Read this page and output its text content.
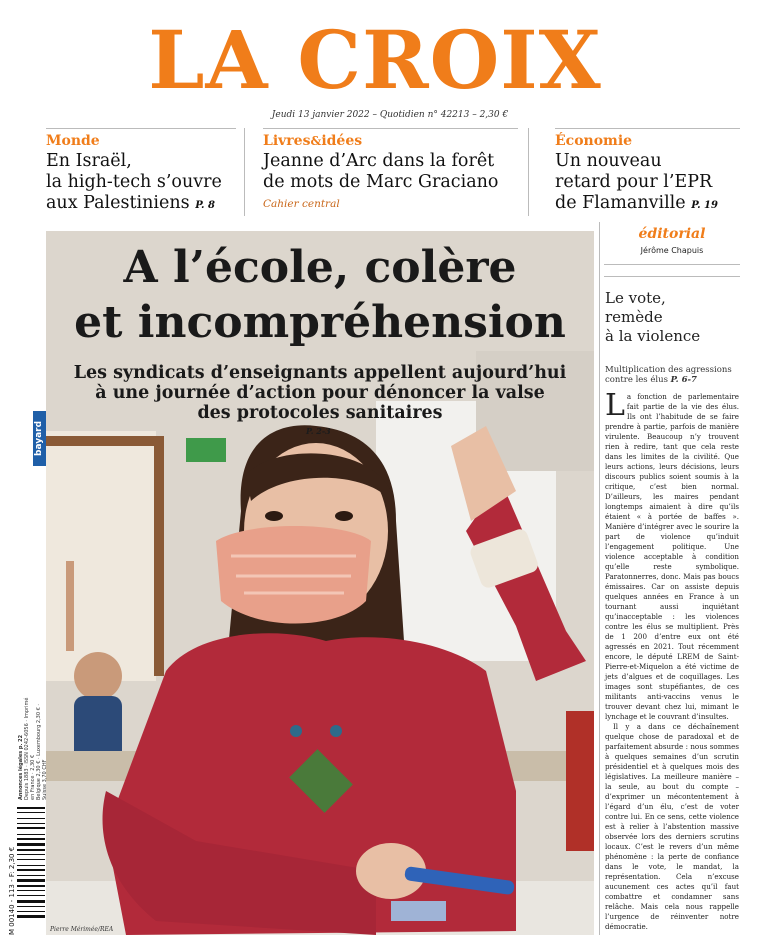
LA CROIX
Jeudi 13 janvier 2022 – Quotidien n° 42213 – 2,30 €
Monde
En Israël,
la high-tech s’ouvre
aux Palestiniens P. 8
Livres&idées
Jeanne d’Arc dans la forêt
de mots de Marc Graciano
Cahier central
Économie
Un nouveau
retard pour l’EPR
de Flamanville P. 19
A l’école, colère
et incompréhension
Les syndicats d’enseignants appellent aujourd’hui
à une journée d’action pour dénoncer la valse
des protocoles sanitaires
P. 2-3
Pierre Mérimée/REA
bayard
Annonces légales p. 22 Depuis 1883 · ISSN 0242-6056 · Imprimé en France · 2,30 € Belgique 2,30 € · Luxembourg 2,30 € · Suisse 3,70 CHF
M 00140 - 113 - F: 2,30 €
éditorial
Jérôme Chapuis
Le vote,
remède
à la violence
Multiplication des agressions contre les élus P. 6-7

La fonction de parlementaire fait partie de la vie des élus. Ils ont l’habitude de se faire prendre à partie, parfois de manière virulente. Beaucoup n’y trouvent rien à redire, tant que cela reste dans les limites de la civilité. Que leurs actions, leurs décisions, leurs discours publics soient soumis à la critique, c’est bien normal. D’ailleurs, les maires pendant longtemps aimaient à dire qu’ils étaient « à portée de baffes ». Manière d’intégrer avec le sourire la part de violence qu’induit l’engagement politique. Une violence acceptable à condition qu’elle reste symbolique. Paratonnerres, donc. Mais pas boucs émissaires. Car on assiste depuis quelques années en France à un tournant aussi inquiétant qu’inacceptable : les violences contre les élus se multiplient. Près de 1 200 d’entre eux ont été agressés en 2021. Tout récemment encore, le député LREM de Saint-Pierre-et-Miquelon a été victime de jets d’algues et de coquillages. Les images sont stupéfiantes, de ces militants anti-vaccins venus le trouver devant chez lui, mimant le lynchage et le couvrant d’insultes.

Il y a dans ce déchaînement quelque chose de paradoxal et de parfaitement absurde : nous sommes à quelques semaines d’un scrutin présidentiel et à quelques mois des législatives. La meilleure manière – la seule, au bout du compte – d’exprimer un mécontentement à l’égard d’un élu, c’est de voter contre lui. En ce sens, cette violence est à relier à l’abstention massive observée lors des derniers scrutins locaux. C’est le revers d’un même phénomène : la perte de confiance dans le vote, le mandat, la représentation. Cela n’excuse aucunement ces actes qu’il faut combattre et condamner sans relâche. Mais cela nous rappelle l’urgence de réinventer notre démocratie.
